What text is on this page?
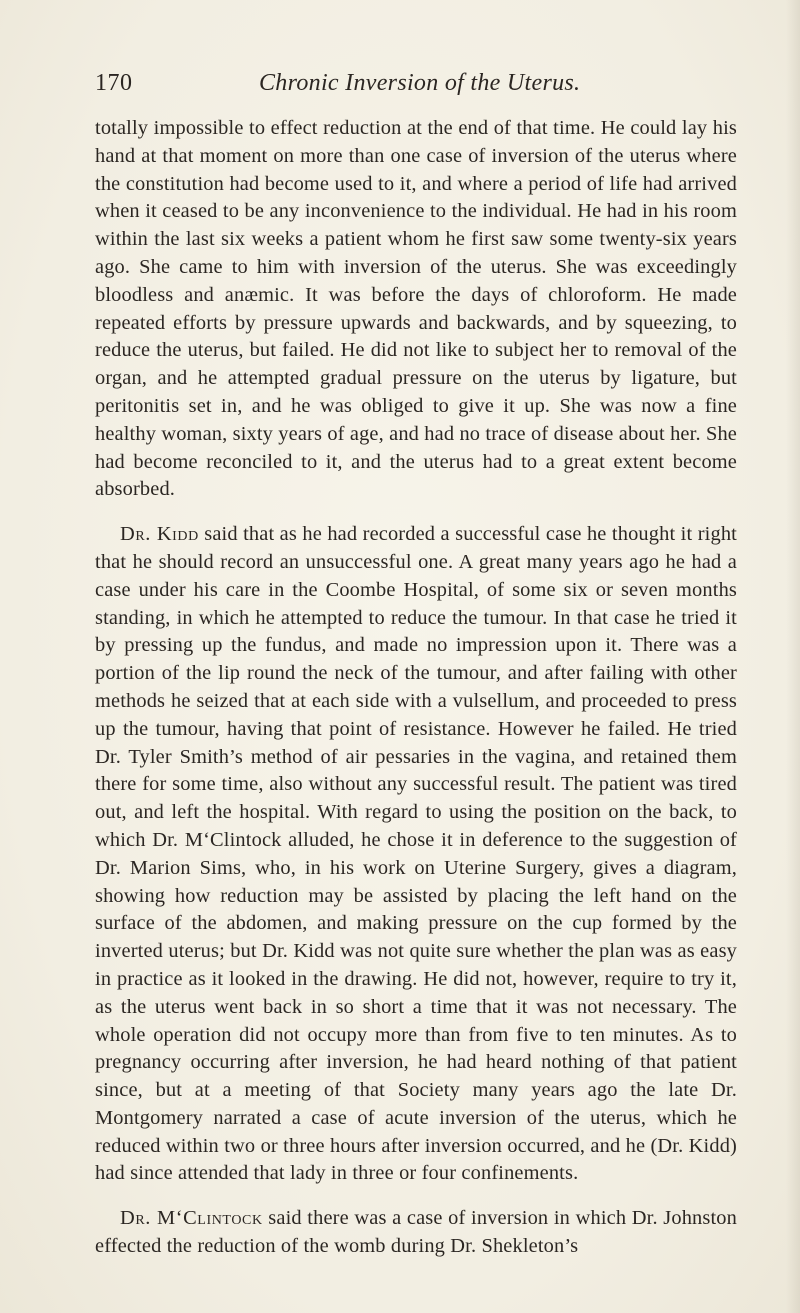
170	Chronic Inversion of the Uterus.

totally impossible to effect reduction at the end of that time. He could lay his hand at that moment on more than one case of inversion of the uterus where the constitution had become used to it, and where a period of life had arrived when it ceased to be any inconvenience to the individual. He had in his room within the last six weeks a patient whom he first saw some twenty-six years ago. She came to him with inversion of the uterus. She was exceedingly bloodless and anæmic. It was before the days of chloroform. He made repeated efforts by pressure upwards and backwards, and by squeezing, to reduce the uterus, but failed. He did not like to subject her to removal of the organ, and he attempted gradual pressure on the uterus by ligature, but peritonitis set in, and he was obliged to give it up. She was now a fine healthy woman, sixty years of age, and had no trace of disease about her. She had become reconciled to it, and the uterus had to a great extent become absorbed.

Dr. Kidd said that as he had recorded a successful case he thought it right that he should record an unsuccessful one. A great many years ago he had a case under his care in the Coombe Hospital, of some six or seven months standing, in which he attempted to reduce the tumour. In that case he tried it by pressing up the fundus, and made no impression upon it. There was a portion of the lip round the neck of the tumour, and after failing with other methods he seized that at each side with a vulsellum, and proceeded to press up the tumour, having that point of resistance. However he failed. He tried Dr. Tyler Smith’s method of air pessaries in the vagina, and retained them there for some time, also without any successful result. The patient was tired out, and left the hospital. With regard to using the position on the back, to which Dr. M‘Clintock alluded, he chose it in deference to the suggestion of Dr. Marion Sims, who, in his work on Uterine Surgery, gives a diagram, showing how reduction may be assisted by placing the left hand on the surface of the abdomen, and making pressure on the cup formed by the inverted uterus; but Dr. Kidd was not quite sure whether the plan was as easy in practice as it looked in the drawing. He did not, however, require to try it, as the uterus went back in so short a time that it was not necessary. The whole operation did not occupy more than from five to ten minutes. As to pregnancy occurring after inversion, he had heard nothing of that patient since, but at a meeting of that Society many years ago the late Dr. Montgomery narrated a case of acute inversion of the uterus, which he reduced within two or three hours after inversion occurred, and he (Dr. Kidd) had since attended that lady in three or four confinements.

Dr. M‘Clintock said there was a case of inversion in which Dr. Johnston effected the reduction of the womb during Dr. Shekleton’s
